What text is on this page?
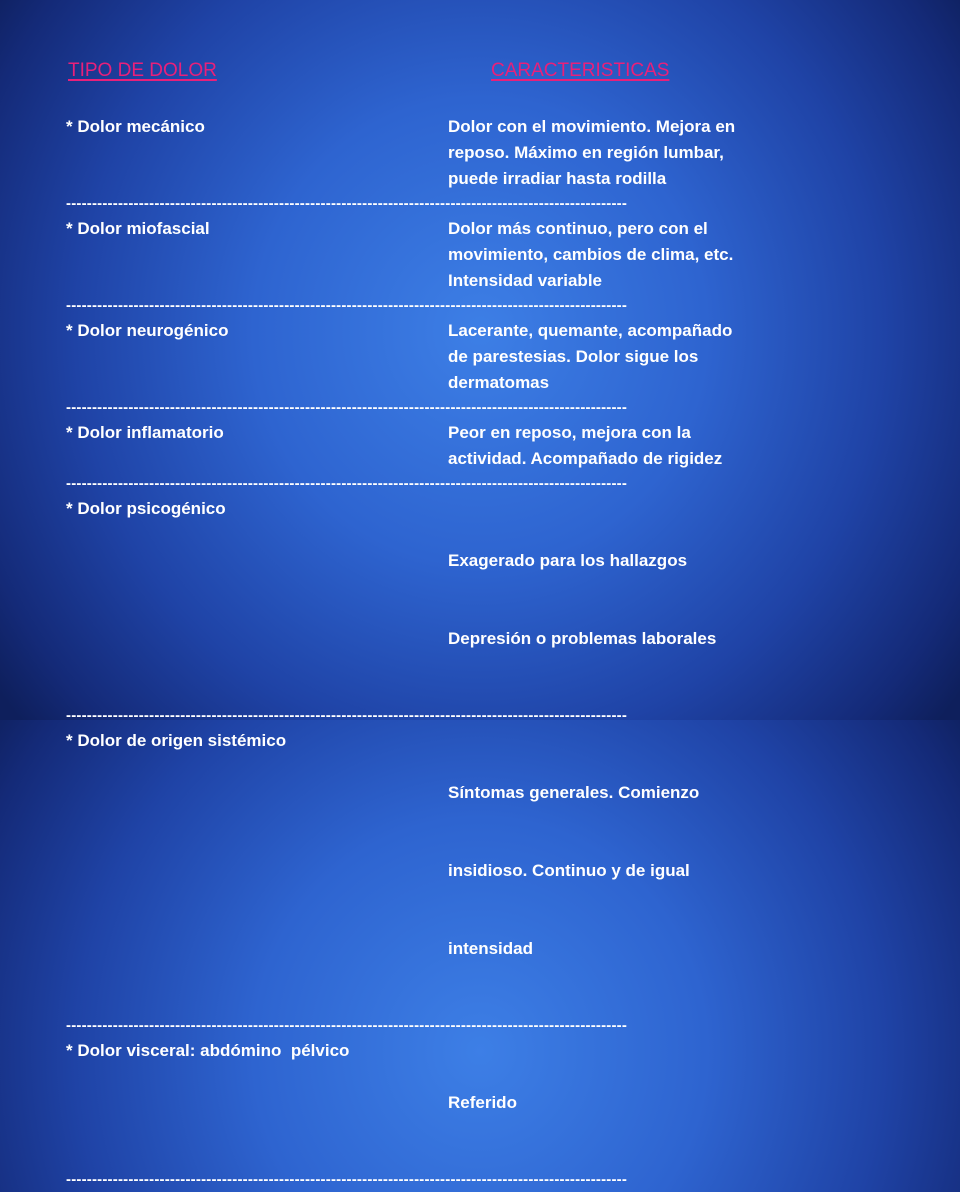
TIPO DE DOLOR	CARACTERISTICAS
* Dolor mecánico	Dolor con el movimiento. Mejora en
reposo. Máximo en región lumbar,
puede irradiar hasta rodilla
------------------------------------------------------------------------------------------------------------
* Dolor miofascial	Dolor más continuo, pero con el
movimiento, cambios de clima, etc.
Intensidad variable
------------------------------------------------------------------------------------------------------------
* Dolor neurogénico	Lacerante, quemante, acompañado
de parestesias. Dolor sigue los
dermatomas
------------------------------------------------------------------------------------------------------------
* Dolor inflamatorio	Peor en reposo, mejora con la
actividad. Acompañado de rigidez
------------------------------------------------------------------------------------------------------------
* Dolor psicogénico

Exagerado para los hallazgos

Depresión o problemas laborales

------------------------------------------------------------------------------------------------------------
* Dolor de origen sistémico

Síntomas generales. Comienzo

insidioso. Continuo y de igual

intensidad

------------------------------------------------------------------------------------------------------------
* Dolor visceral: abdómino  pélvico

Referido

------------------------------------------------------------------------------------------------------------
